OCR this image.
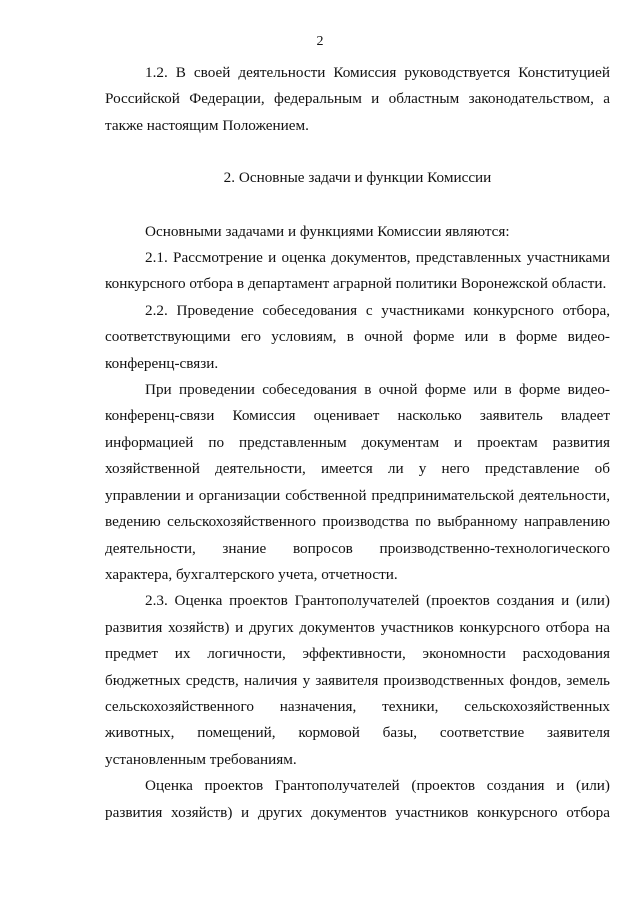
2

1.2. В своей деятельности Комиссия руководствуется Конституцией Российской Федерации, федеральным и областным законодательством, а также настоящим Положением.

2. Основные задачи и функции Комиссии

Основными задачами и функциями Комиссии являются:

2.1. Рассмотрение и оценка документов, представленных участниками конкурсного отбора в департамент аграрной политики Воронежской области.

2.2. Проведение собеседования с участниками конкурсного отбора, соответствующими его условиям, в очной форме или в форме видео-конференц-связи.

При проведении собеседования в очной форме или в форме видео-конференц-связи Комиссия оценивает насколько заявитель владеет информацией по представленным документам и проектам развития хозяйственной деятельности, имеется ли у него представление об управлении и организации собственной предпринимательской деятельности, ведению сельскохозяйственного производства по выбранному направлению деятельности, знание вопросов производственно-технологического характера, бухгалтерского учета, отчетности.

2.3. Оценка проектов Грантополучателей (проектов создания и (или) развития хозяйств) и других документов участников конкурсного отбора на предмет их логичности, эффективности, экономности расходования бюджетных средств, наличия у заявителя производственных фондов, земель сельскохозяйственного назначения, техники, сельскохозяйственных животных, помещений, кормовой базы, соответствие заявителя установленным требованиям.

Оценка проектов Грантополучателей (проектов создания и (или) развития хозяйств) и других документов участников конкурсного отбора
